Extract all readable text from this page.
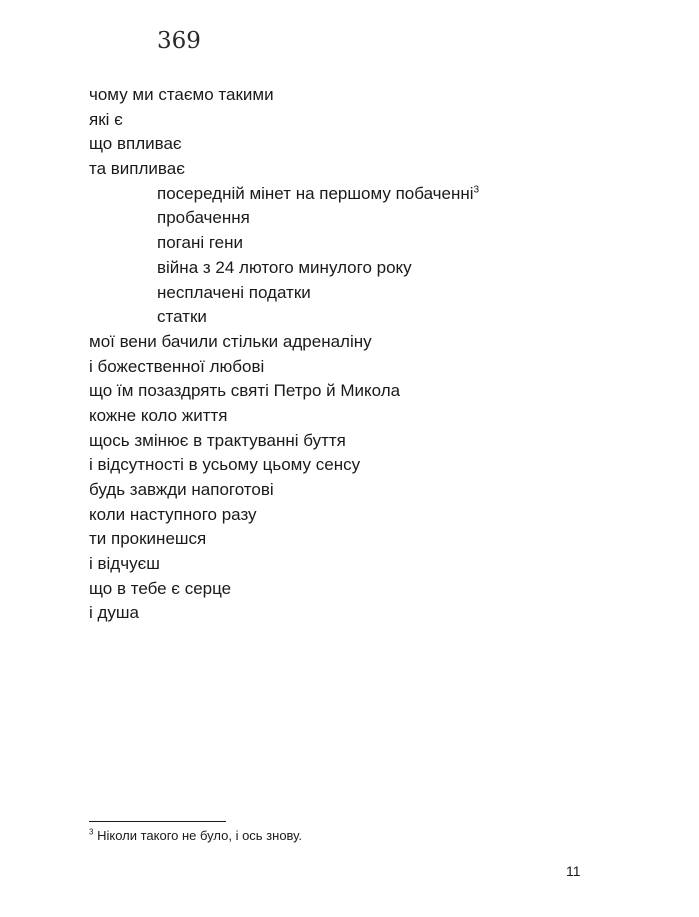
369
чому ми стаємо такими
які є
що впливає
та випливає
посередній мінет на першому побаченні$^3$
пробачення
погані гени
війна з 24 лютого минулого року
несплачені податки
статки
мої вени бачили стільки адреналіну
і божественної любові
що їм позаздрять святі Петро й Микола
кожне коло життя
щось змінює в трактуванні буття
і відсутності в усьому цьому сенсу
будь завжди напоготові
коли наступного разу
ти прокинешся
і відчуєш
що в тебе є серце
і душа
$^3$ Ніколи такого не було, і ось знову.
11
